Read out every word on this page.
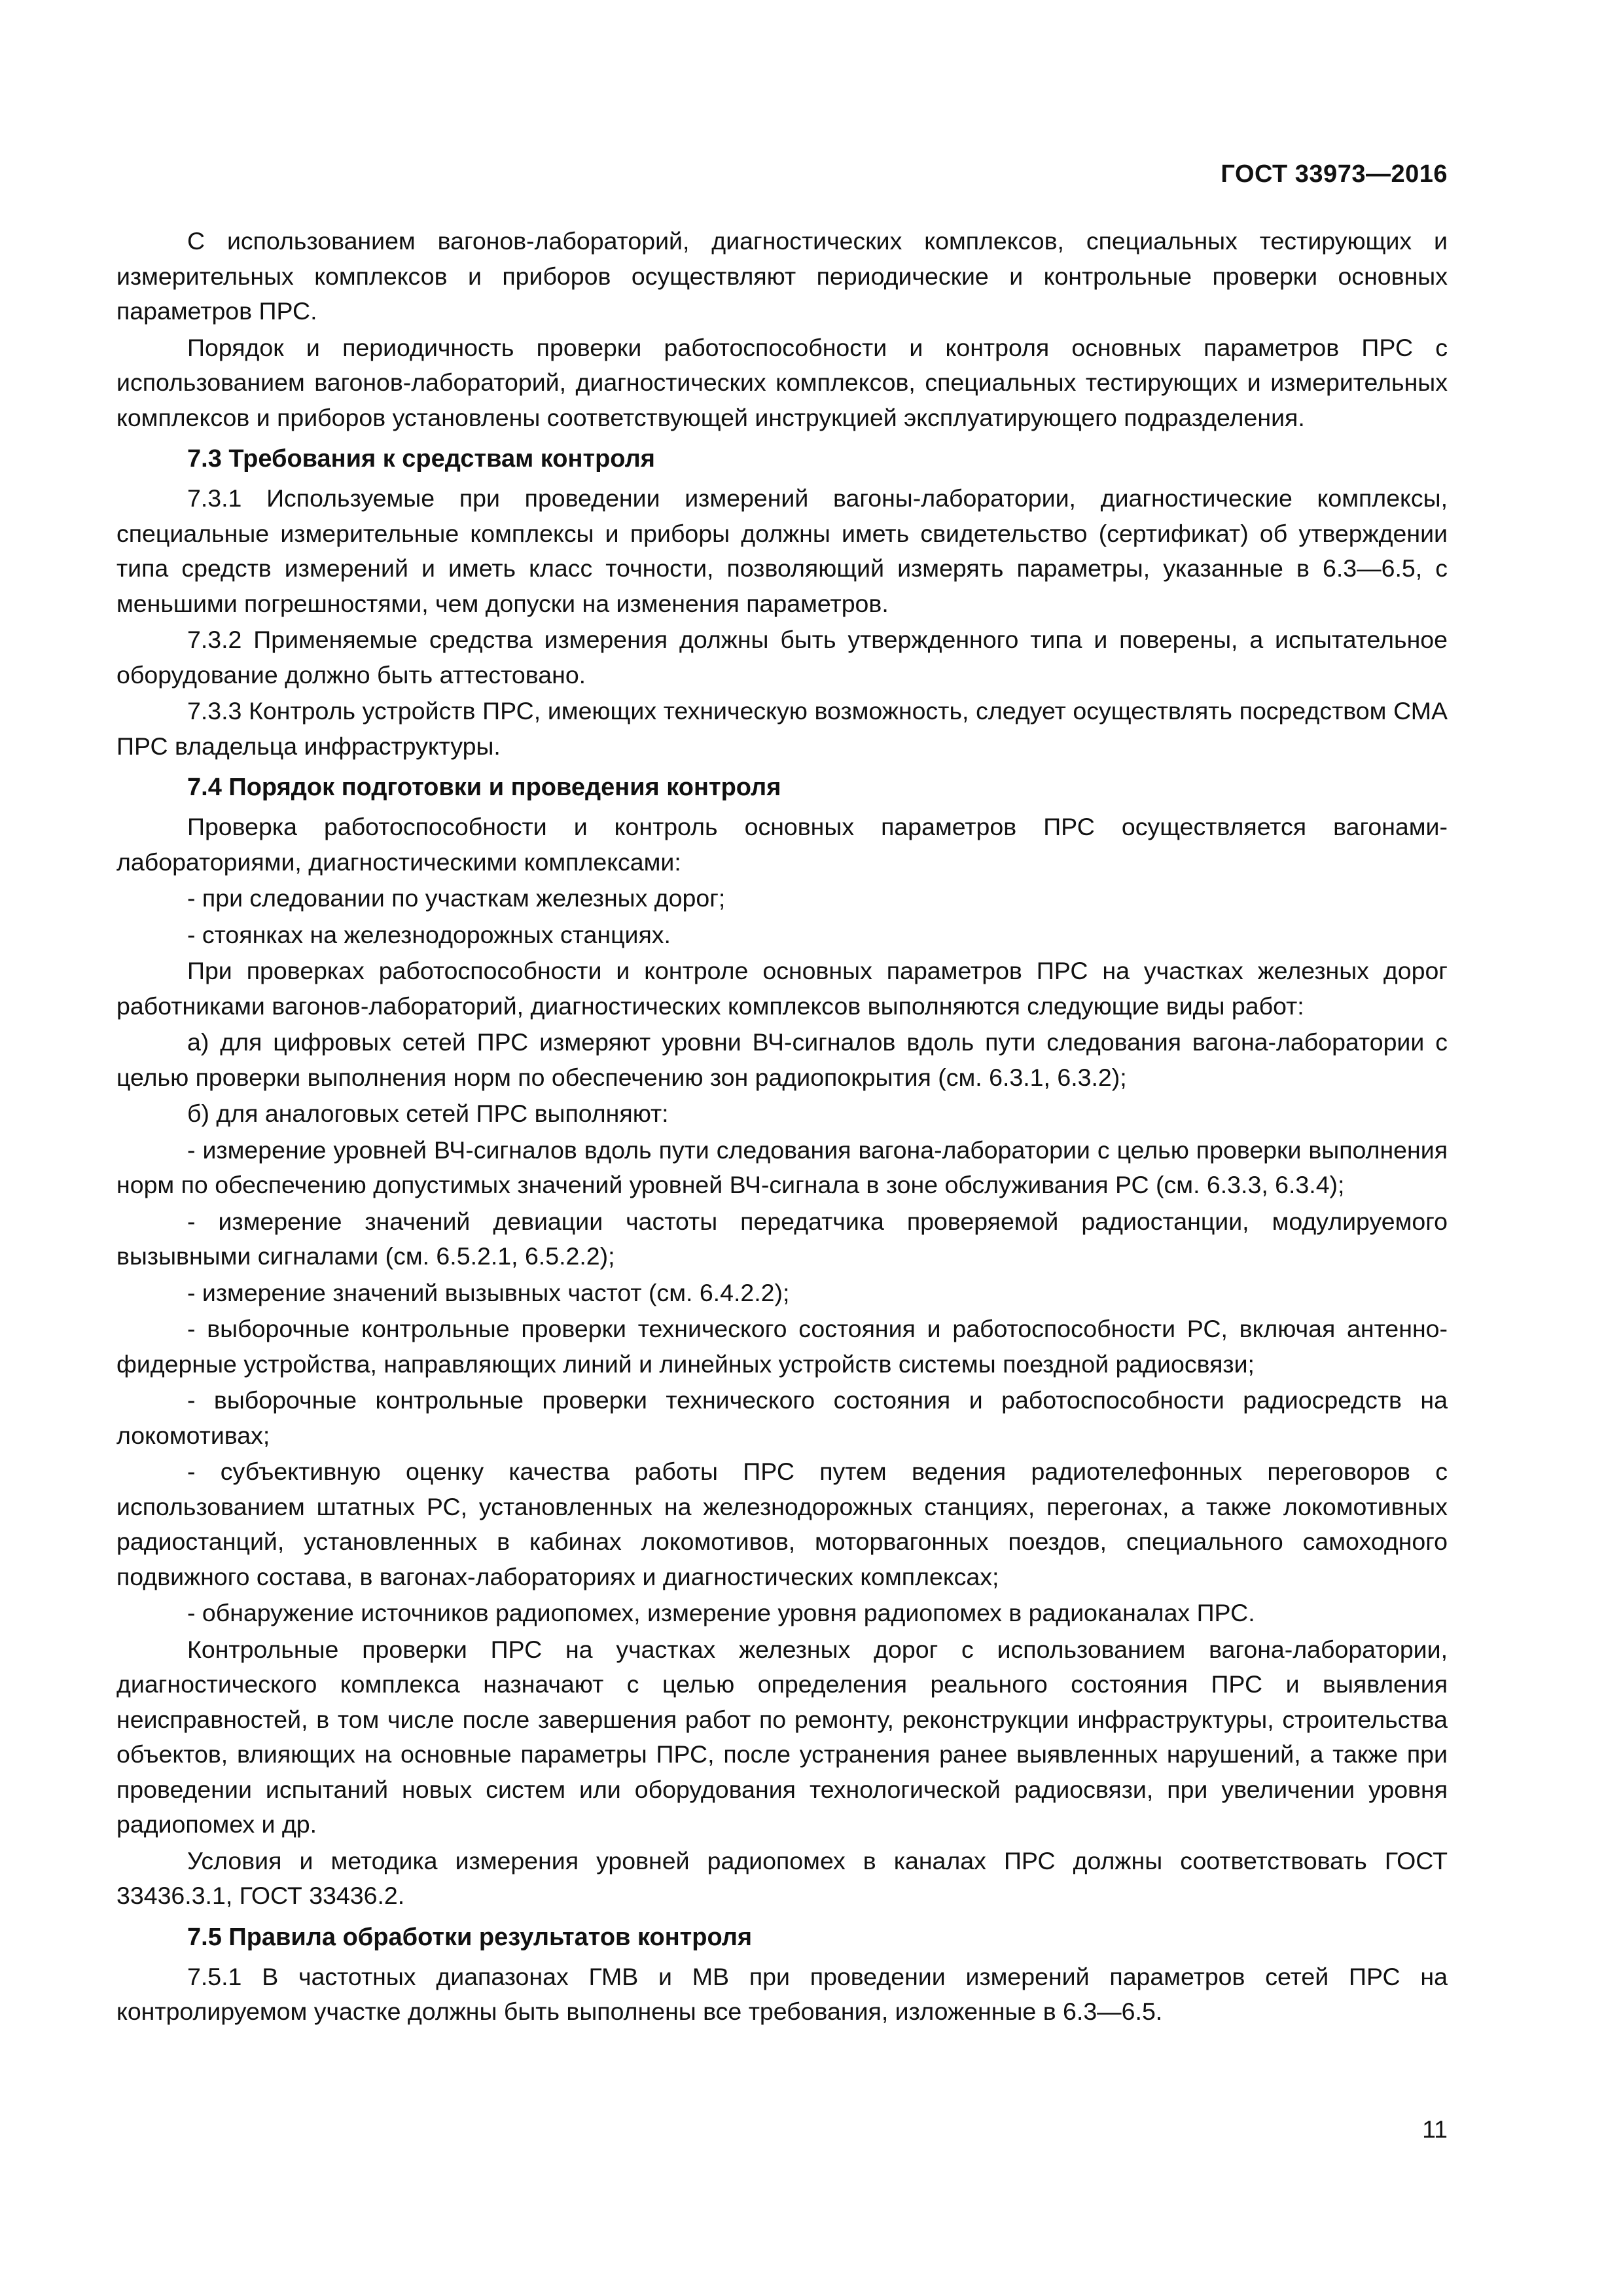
ГОСТ 33973—2016

С использованием вагонов-лабораторий, диагностических комплексов, специальных тестирующих и измерительных комплексов и приборов осуществляют периодические и контрольные проверки основных параметров ПРС.

Порядок и периодичность проверки работоспособности и контроля основных параметров ПРС с использованием вагонов-лабораторий, диагностических комплексов, специальных тестирующих и измерительных комплексов и приборов установлены соответствующей инструкцией эксплуатирующего подразделения.

7.3 Требования к средствам контроля

7.3.1 Используемые при проведении измерений вагоны-лаборатории, диагностические комплексы, специальные измерительные комплексы и приборы должны иметь свидетельство (сертификат) об утверждении типа средств измерений и иметь класс точности, позволяющий измерять параметры, указанные в 6.3—6.5, с меньшими погрешностями, чем допуски на изменения параметров.

7.3.2 Применяемые средства измерения должны быть утвержденного типа и поверены, а испытательное оборудование должно быть аттестовано.

7.3.3 Контроль устройств ПРС, имеющих техническую возможность, следует осуществлять посредством СМА ПРС владельца инфраструктуры.

7.4 Порядок подготовки и проведения контроля

Проверка работоспособности и контроль основных параметров ПРС осуществляется вагонами-лабораториями, диагностическими комплексами:

- при следовании по участкам железных дорог;

- стоянках на железнодорожных станциях.

При проверках работоспособности и контроле основных параметров ПРС на участках железных дорог работниками вагонов-лабораторий, диагностических комплексов выполняются следующие виды работ:

а) для цифровых сетей ПРС измеряют уровни ВЧ-сигналов вдоль пути следования вагона-лаборатории с целью проверки выполнения норм по обеспечению зон радиопокрытия (см. 6.3.1, 6.3.2);

б) для аналоговых сетей ПРС выполняют:

- измерение уровней ВЧ-сигналов вдоль пути следования вагона-лаборатории с целью проверки выполнения норм по обеспечению допустимых значений уровней ВЧ-сигнала в зоне обслуживания РС (см. 6.3.3, 6.3.4);

- измерение значений девиации частоты передатчика проверяемой радиостанции, модулируемого вызывными сигналами (см. 6.5.2.1, 6.5.2.2);

- измерение значений вызывных частот (см. 6.4.2.2);

- выборочные контрольные проверки технического состояния и работоспособности РС, включая антенно-фидерные устройства, направляющих линий и линейных устройств системы поездной радиосвязи;

- выборочные контрольные проверки технического состояния и работоспособности радиосредств на локомотивах;

- субъективную оценку качества работы ПРС путем ведения радиотелефонных переговоров с использованием штатных РС, установленных на железнодорожных станциях, перегонах, а также локомотивных радиостанций, установленных в кабинах локомотивов, моторвагонных поездов, специального самоходного подвижного состава, в вагонах-лабораториях и диагностических комплексах;

- обнаружение источников радиопомех, измерение уровня радиопомех в радиоканалах ПРС.

Контрольные проверки ПРС на участках железных дорог с использованием вагона-лаборатории, диагностического комплекса назначают с целью определения реального состояния ПРС и выявления неисправностей, в том числе после завершения работ по ремонту, реконструкции инфраструктуры, строительства объектов, влияющих на основные параметры ПРС, после устранения ранее выявленных нарушений, а также при проведении испытаний новых систем или оборудования технологической радиосвязи, при увеличении уровня радиопомех и др.

Условия и методика измерения уровней радиопомех в каналах ПРС должны соответствовать ГОСТ 33436.3.1, ГОСТ 33436.2.

7.5 Правила обработки результатов контроля

7.5.1 В частотных диапазонах ГМВ и МВ при проведении измерений параметров сетей ПРС на контролируемом участке должны быть выполнены все требования, изложенные в 6.3—6.5.

11
